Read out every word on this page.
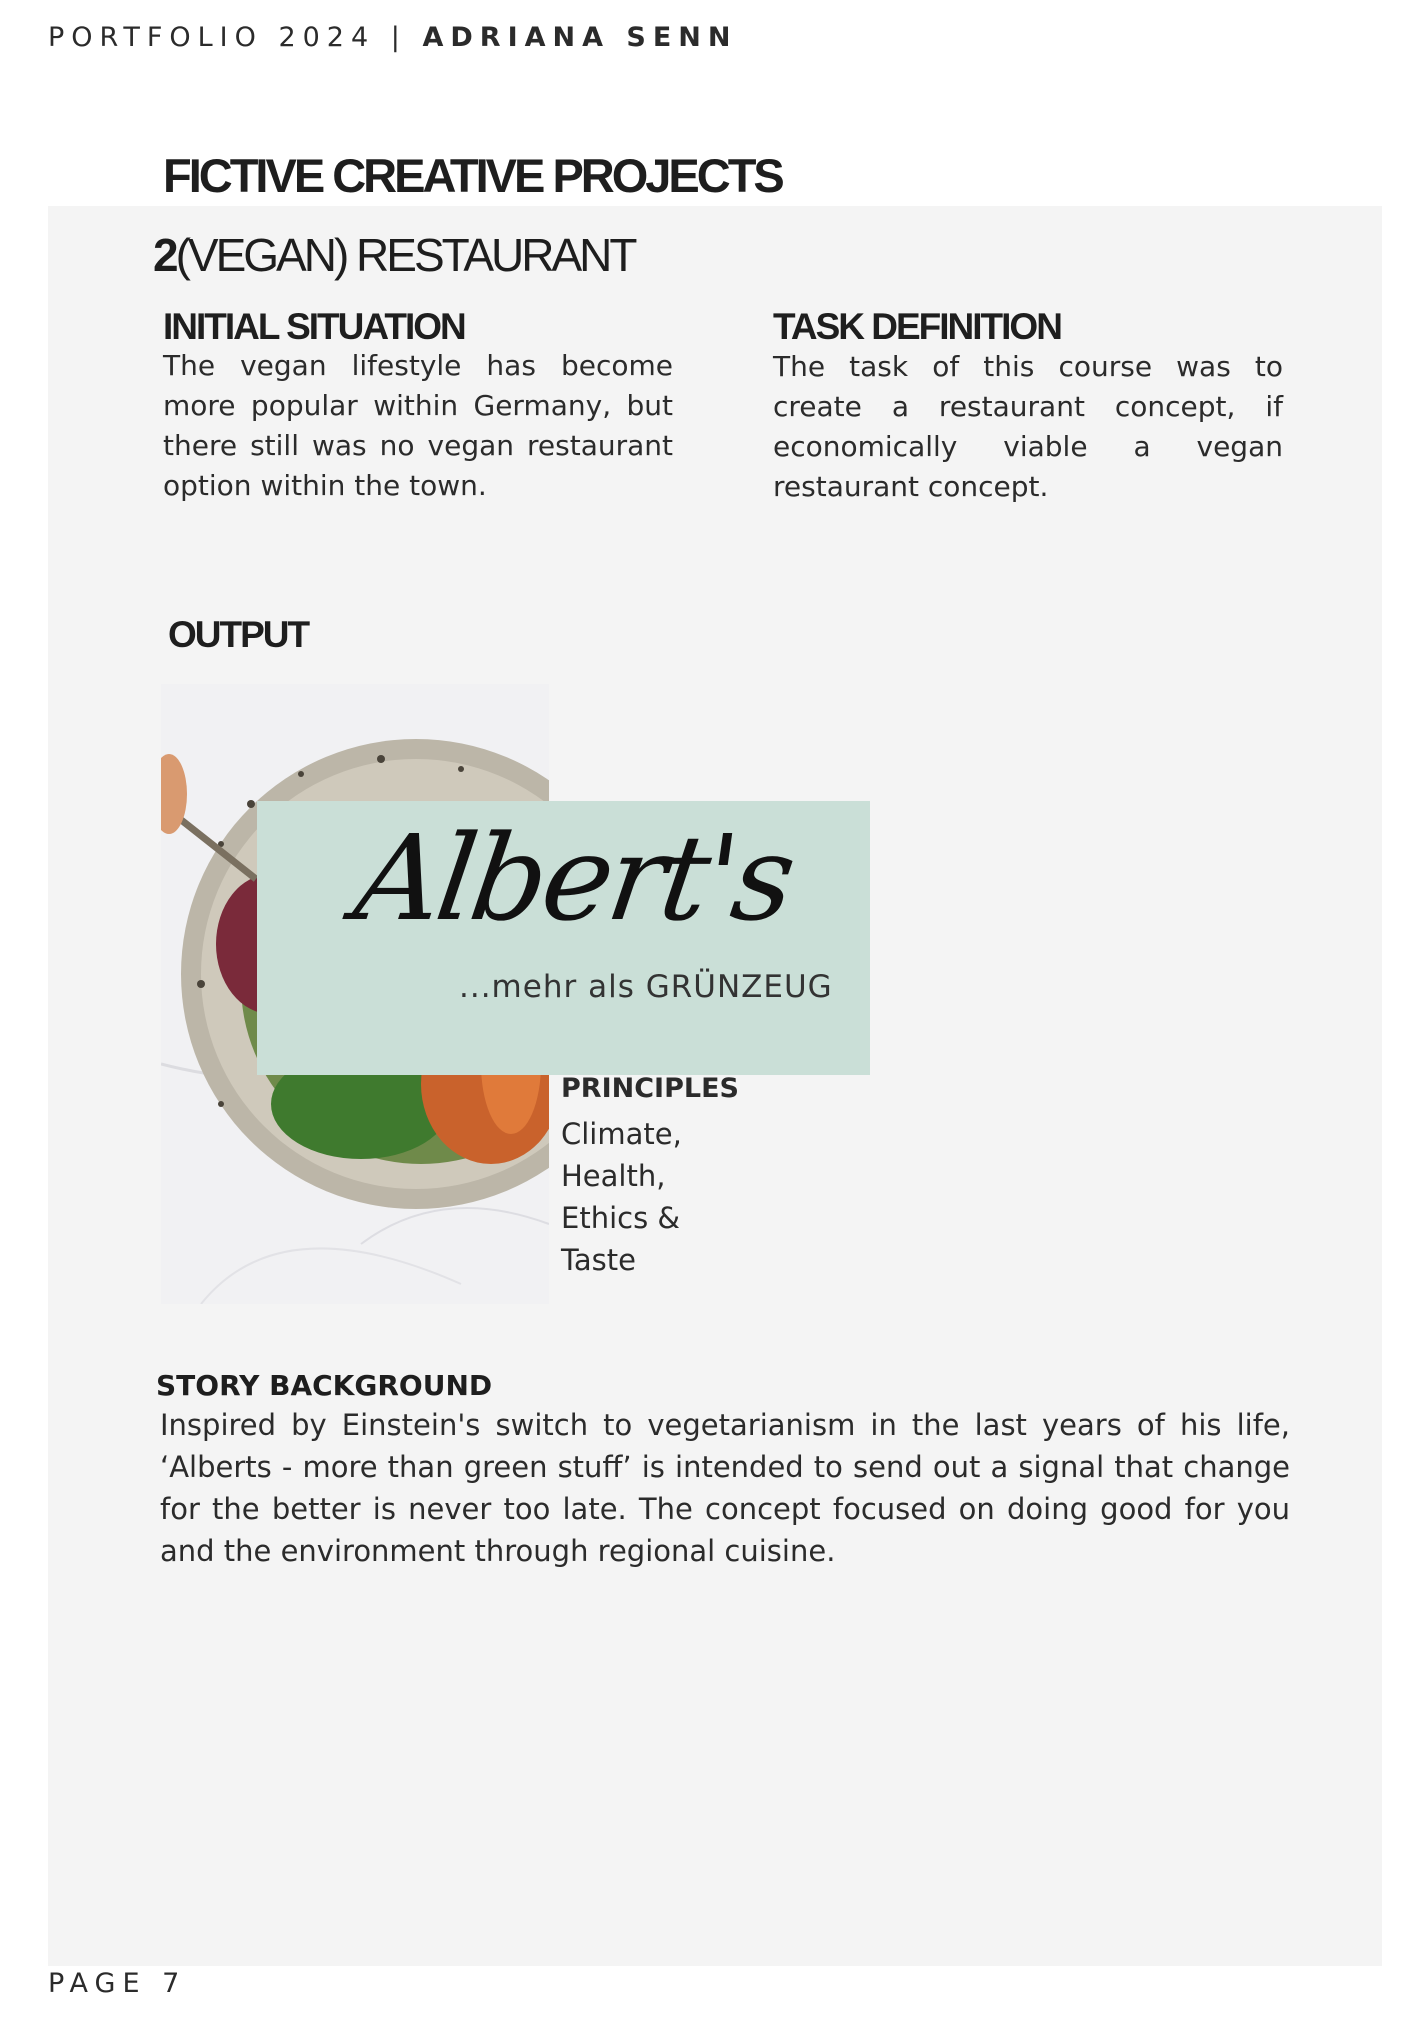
PORTFOLIO 2024 | ADRIANA SENN
FICTIVE CREATIVE PROJECTS
2(VEGAN) RESTAURANT
INITIAL SITUATION

The vegan lifestyle has become more popular within Germany, but there still was no vegan restaurant option within the town.

TASK DEFINITION

The task of this course was to create a restaurant concept, if economically viable a vegan restaurant concept.

OUTPUT
Albert's
...mehr als GRÜNZEUG
PRINCIPLES
Climate,
Health,
Ethics &
Taste
STORY BACKGROUND

Inspired by Einstein's switch to vegetarianism in the last years of his life, ‘Alberts - more than green stuff’ is intended to send out a signal that change for the better is never too late. The concept focused on doing good for you and the environment through regional cuisine.

PAGE 7
